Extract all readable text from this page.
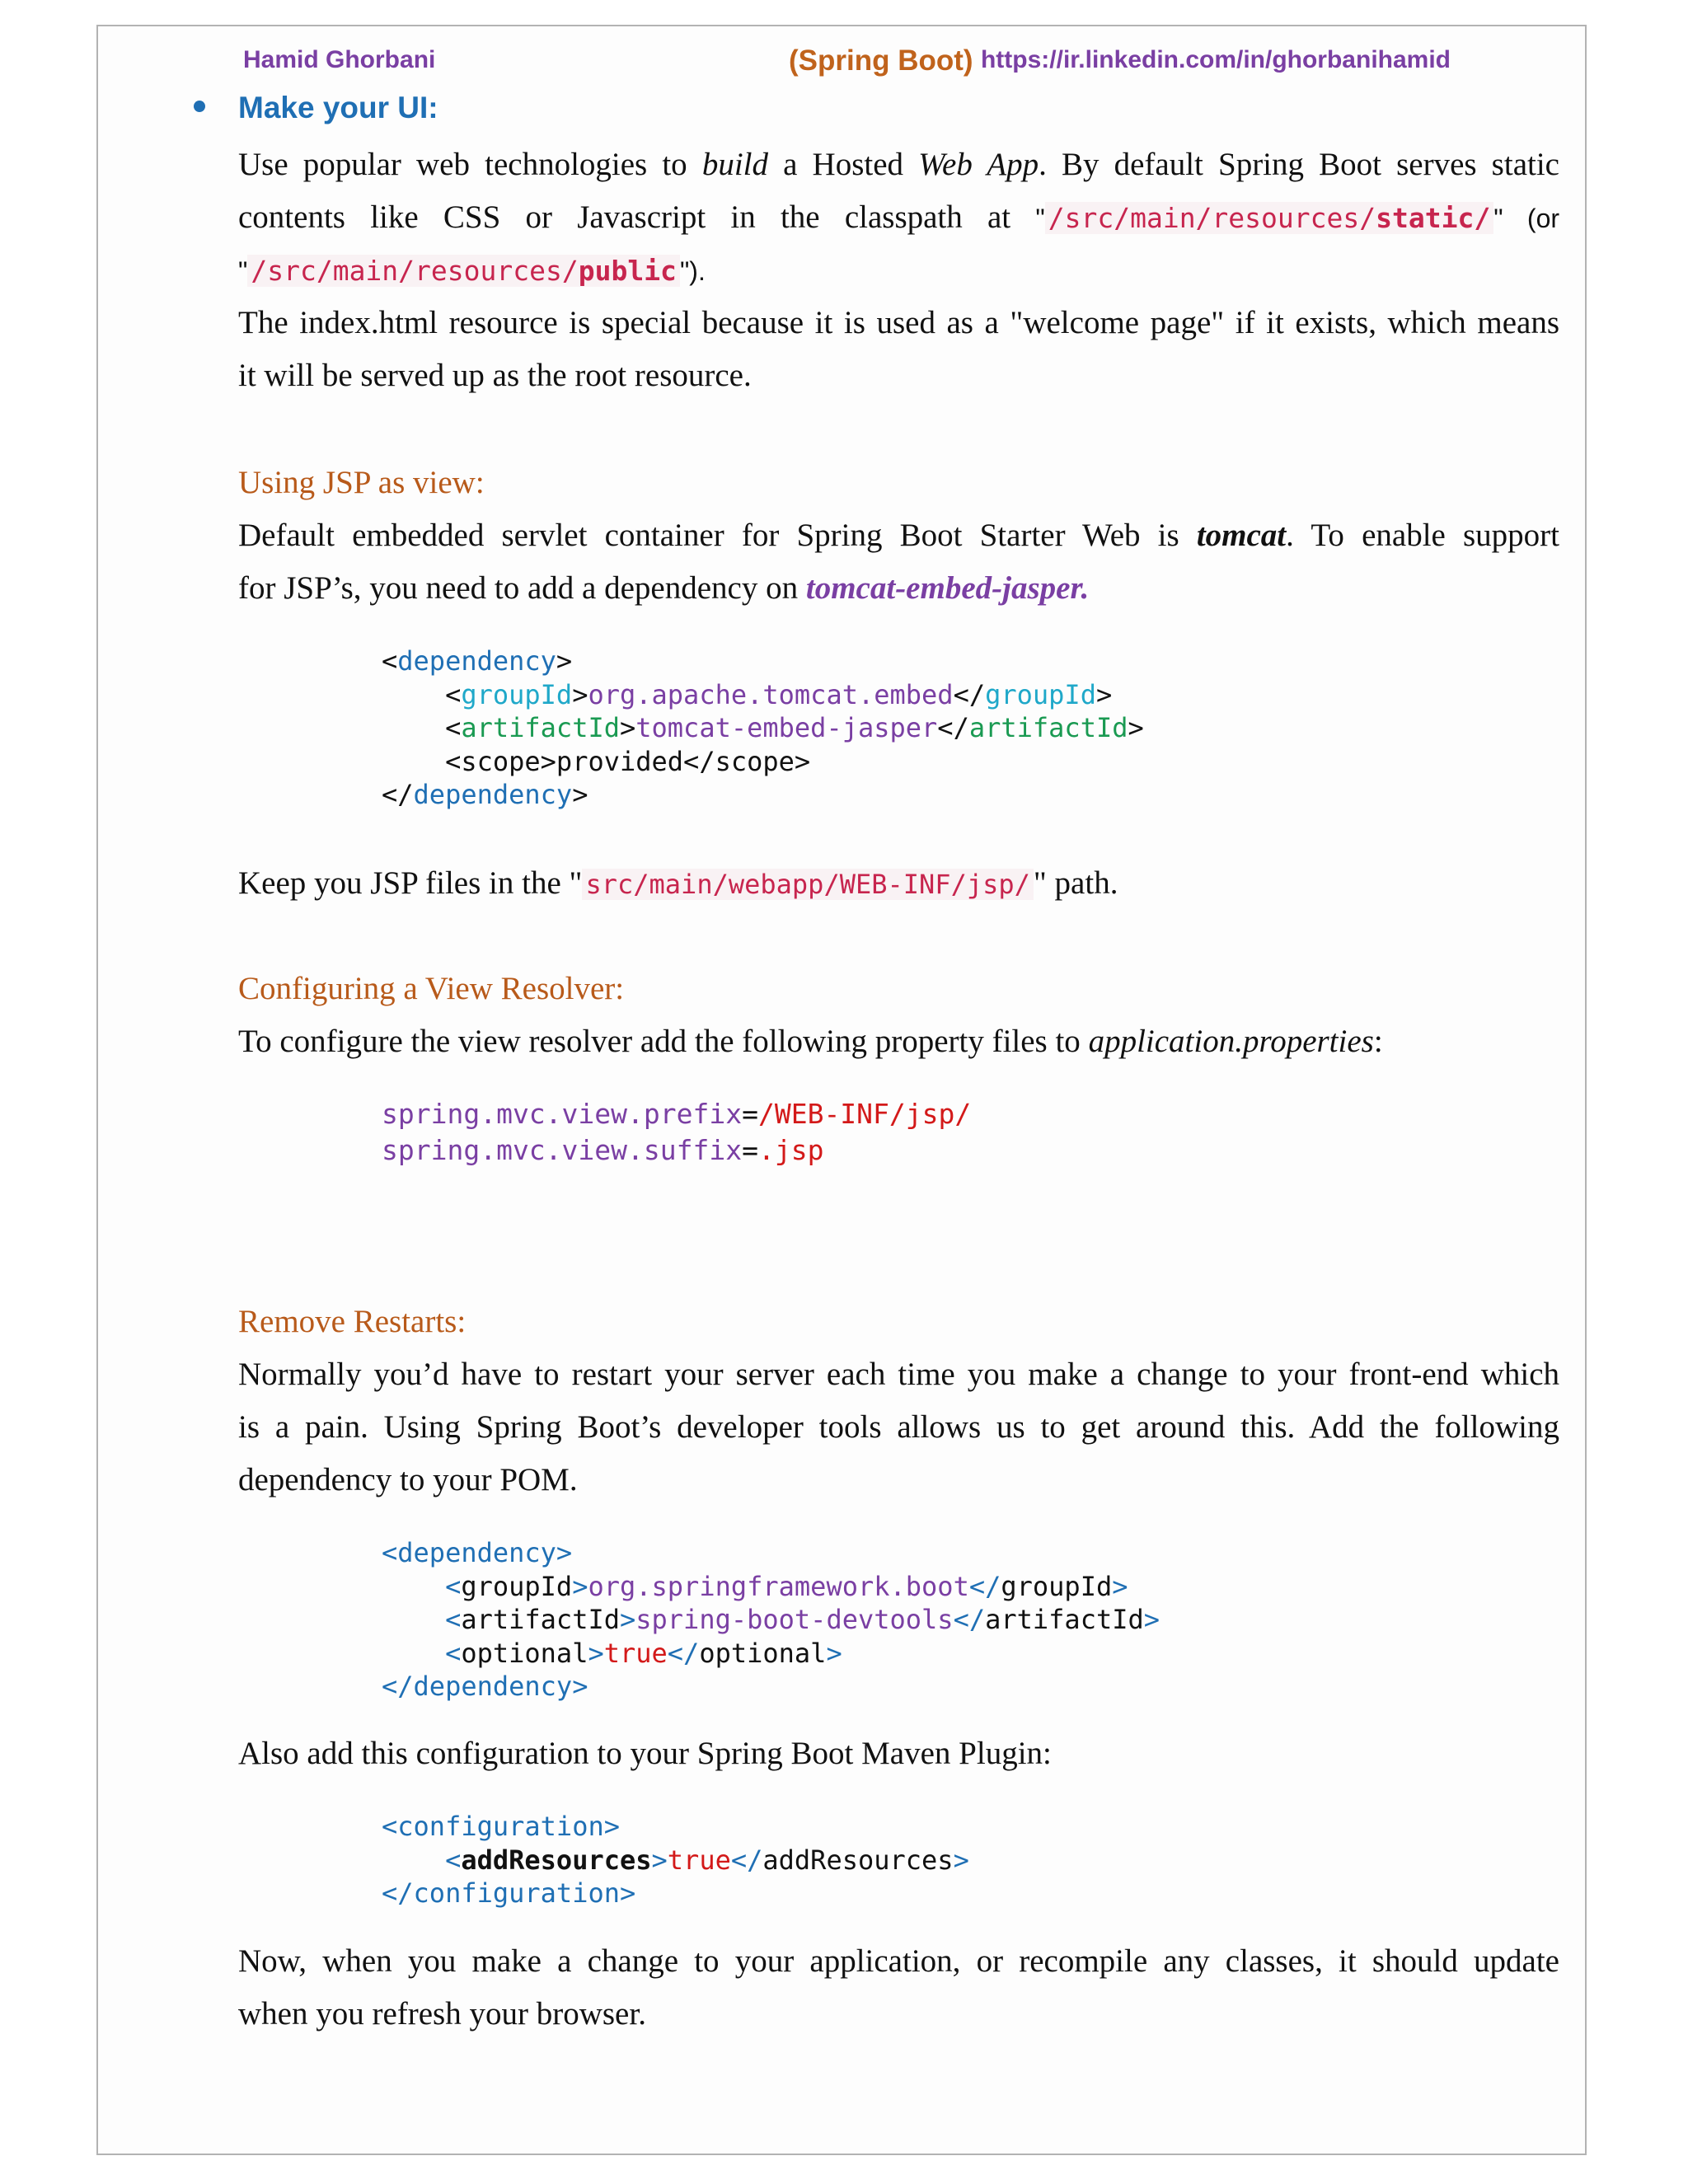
Hamid Ghorbani	(Spring Boot) https://ir.linkedin.com/in/ghorbanihamid
Make your UI:

Use popular web technologies to build a Hosted Web App. By default Spring Boot serves static

contents like CSS or Javascript in the classpath at " /src/main/resources/static/ " (or

" /src/main/resources/public ").

The index.html resource is special because it is used as a "welcome page" if it exists, which means

it will be served up as the root resource.

Using JSP as view:

Default embedded servlet container for Spring Boot Starter Web is tomcat. To enable support

for JSP’s, you need to add a dependency on tomcat-embed-jasper.

<dependency>
<groupId>org.apache.tomcat.embed</groupId>
<artifactId>tomcat-embed-jasper</artifactId>
<scope>provided</scope>
</dependency>

Keep you JSP files in the " src/main/webapp/WEB-INF/jsp/ " path.

Configuring a View Resolver:

To configure the view resolver add the following property files to application.properties:

spring.mvc.view.prefix=/WEB-INF/jsp/
spring.mvc.view.suffix=.jsp

Remove Restarts:

Normally you’d have to restart your server each time you make a change to your front-end which

is a pain. Using Spring Boot’s developer tools allows us to get around this. Add the following

dependency to your POM.

<dependency>
<groupId>org.springframework.boot</groupId>
<artifactId>spring-boot-devtools</artifactId>
<optional>true</optional>
</dependency>

Also add this configuration to your Spring Boot Maven Plugin:

<configuration>
<addResources>true</addResources>
</configuration>

Now, when you make a change to your application, or recompile any classes, it should update

when you refresh your browser.
